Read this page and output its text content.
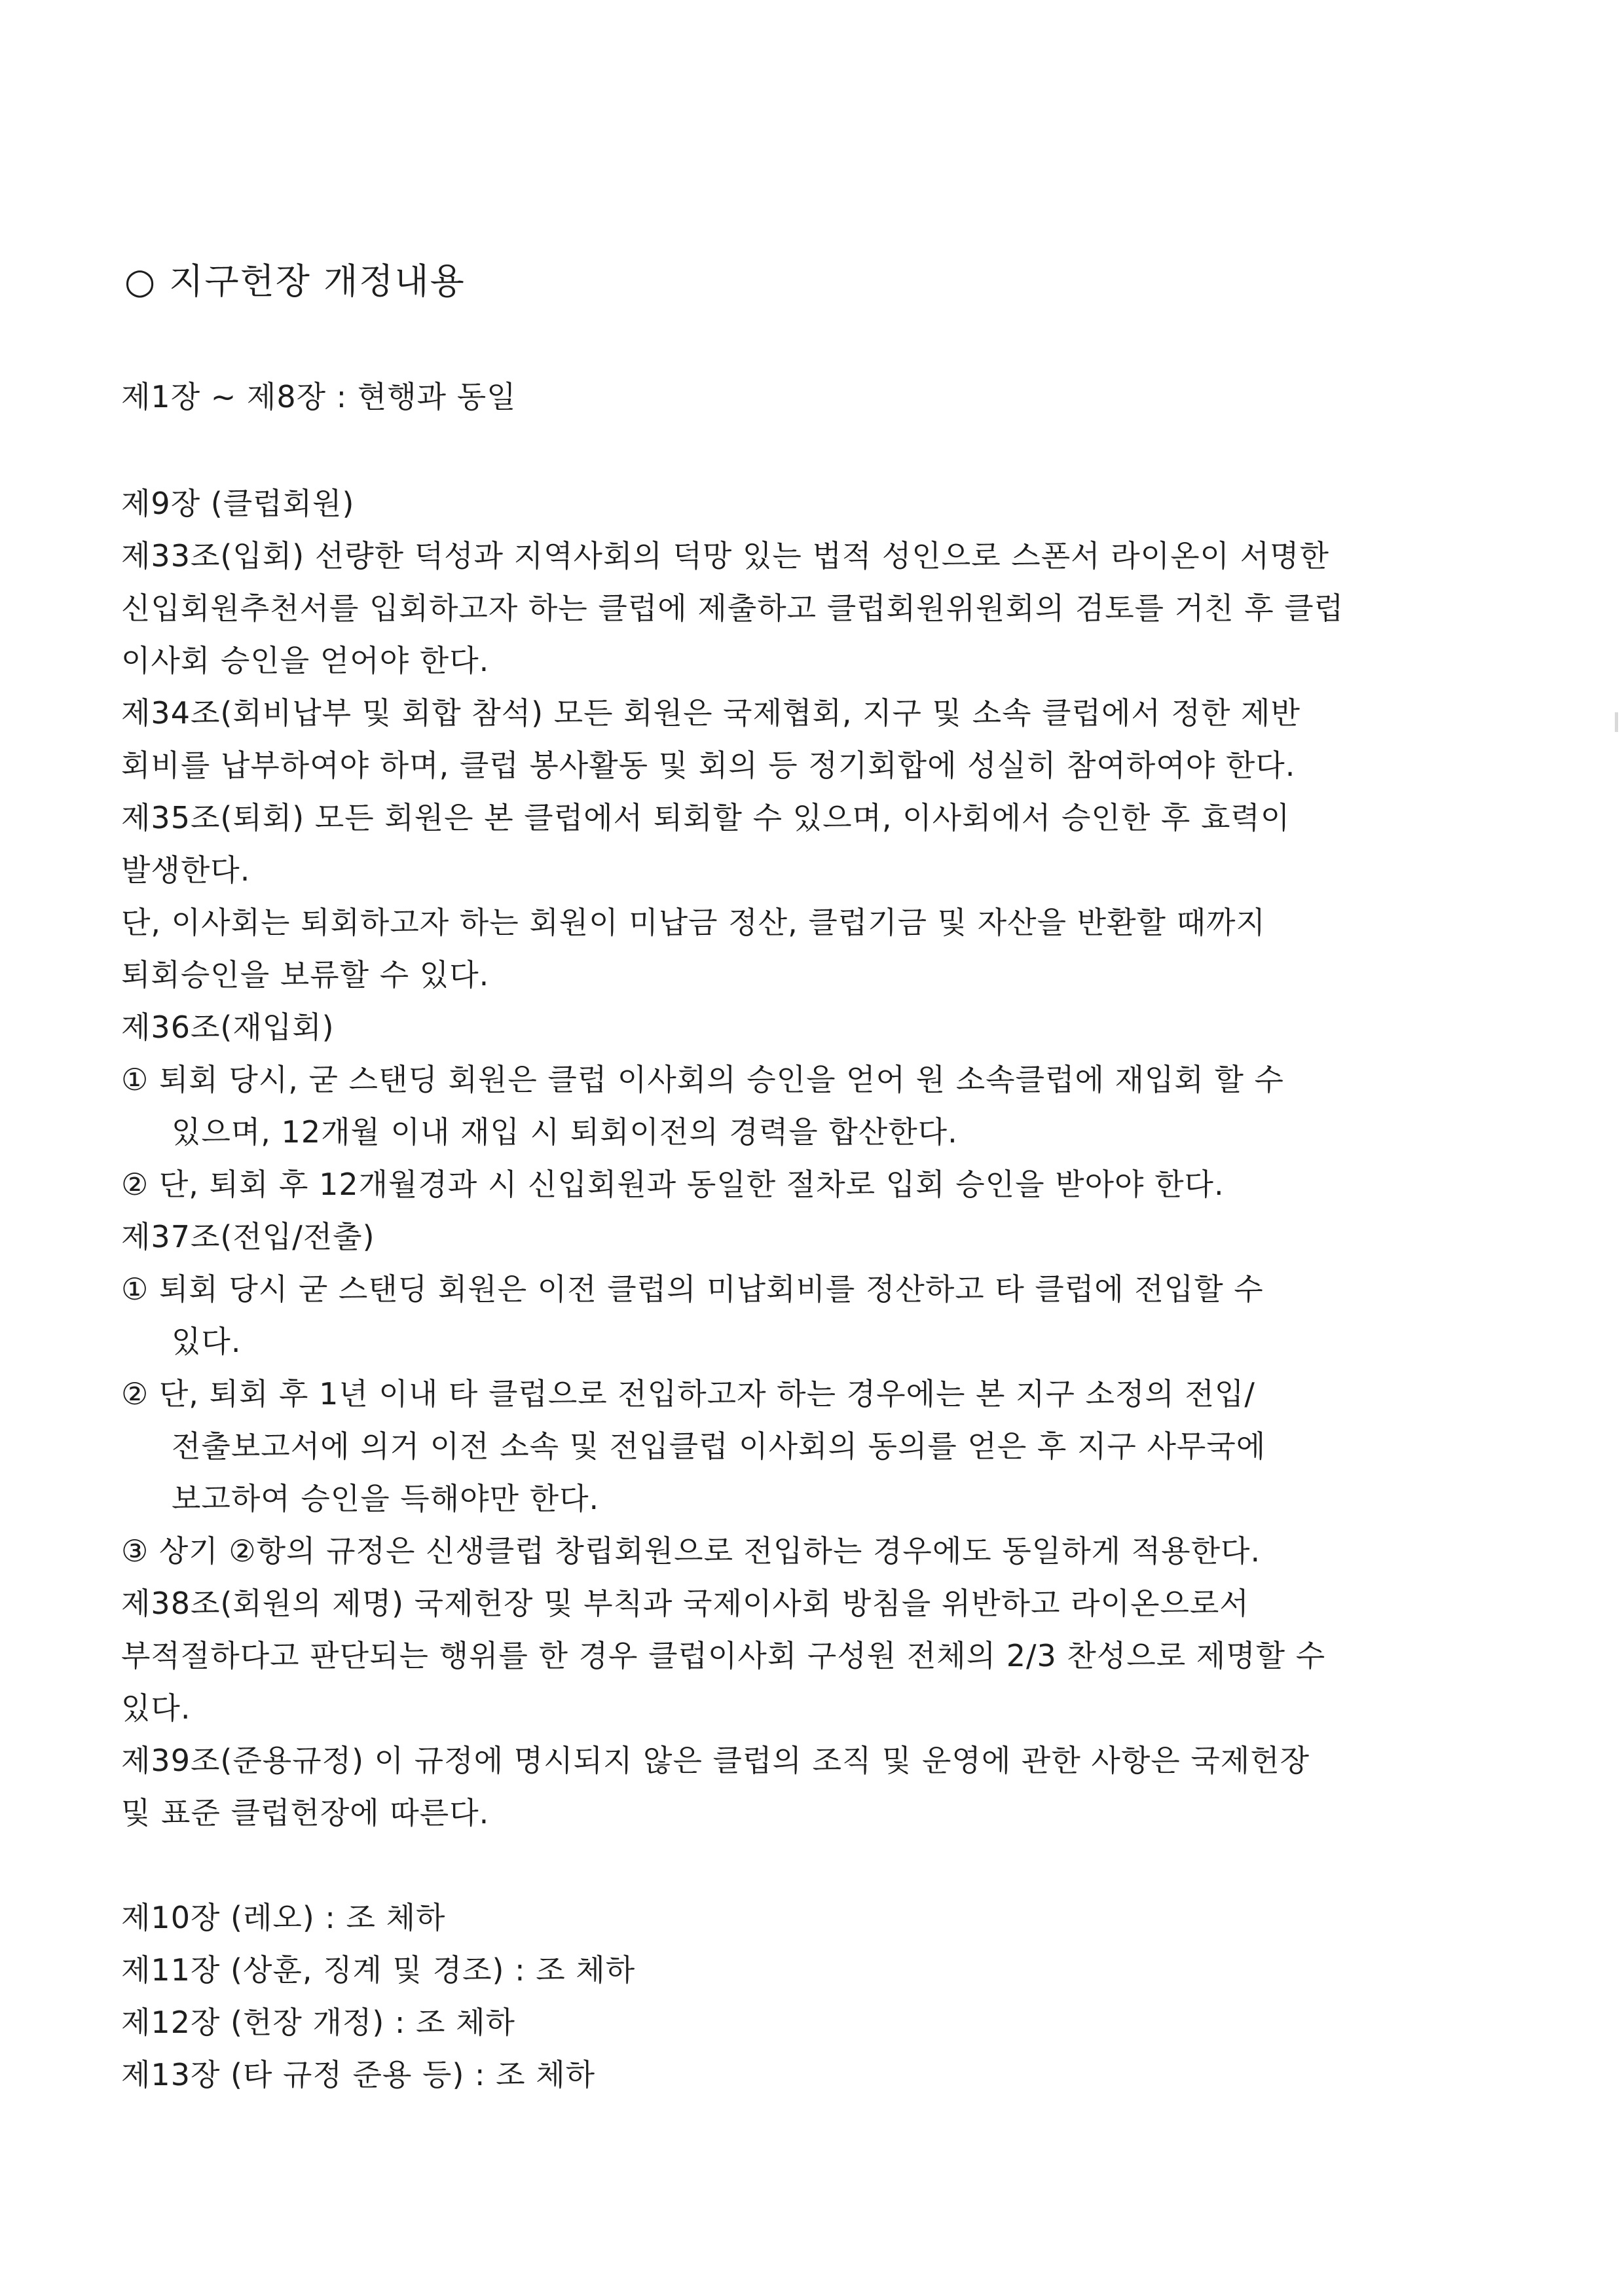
○ 지구헌장 개정내용
제1장 ~ 제8장 : 현행과 동일
제9장 (클럽회원)
제33조(입회) 선량한 덕성과 지역사회의 덕망 있는 법적 성인으로 스폰서 라이온이 서명한
신입회원추천서를 입회하고자 하는 클럽에 제출하고 클럽회원위원회의 검토를 거친 후 클럽
이사회 승인을 얻어야 한다.
제34조(회비납부 및 회합 참석) 모든 회원은 국제협회, 지구 및 소속 클럽에서 정한 제반
회비를 납부하여야 하며, 클럽 봉사활동 및 회의 등 정기회합에 성실히 참여하여야 한다.
제35조(퇴회) 모든 회원은 본 클럽에서 퇴회할 수 있으며, 이사회에서 승인한 후 효력이
발생한다.
단, 이사회는 퇴회하고자 하는 회원이 미납금 정산, 클럽기금 및 자산을 반환할 때까지
퇴회승인을 보류할 수 있다.
제36조(재입회)
① 퇴회 당시, 굳 스탠딩 회원은 클럽 이사회의 승인을 얻어 원 소속클럽에 재입회 할 수
있으며, 12개월 이내 재입 시 퇴회이전의 경력을 합산한다.
② 단, 퇴회 후 12개월경과 시 신입회원과 동일한 절차로 입회 승인을 받아야 한다.
제37조(전입/전출)
① 퇴회 당시 굳 스탠딩 회원은 이전 클럽의 미납회비를 정산하고 타 클럽에 전입할 수
있다.
② 단, 퇴회 후 1년 이내 타 클럽으로 전입하고자 하는 경우에는 본 지구 소정의 전입/
전출보고서에 의거 이전 소속 및 전입클럽 이사회의 동의를 얻은 후 지구 사무국에
보고하여 승인을 득해야만 한다.
③ 상기 ②항의 규정은 신생클럽 창립회원으로 전입하는 경우에도 동일하게 적용한다.
제38조(회원의 제명) 국제헌장 및 부칙과 국제이사회 방침을 위반하고 라이온으로서
부적절하다고 판단되는 행위를 한 경우 클럽이사회 구성원 전체의 2/3 찬성으로 제명할 수
있다.
제39조(준용규정) 이 규정에 명시되지 않은 클럽의 조직 및 운영에 관한 사항은 국제헌장
및 표준 클럽헌장에 따른다.
제10장 (레오) : 조 체하
제11장 (상훈, 징계 및 경조) : 조 체하
제12장 (헌장 개정) : 조 체하
제13장 (타 규정 준용 등) : 조 체하
